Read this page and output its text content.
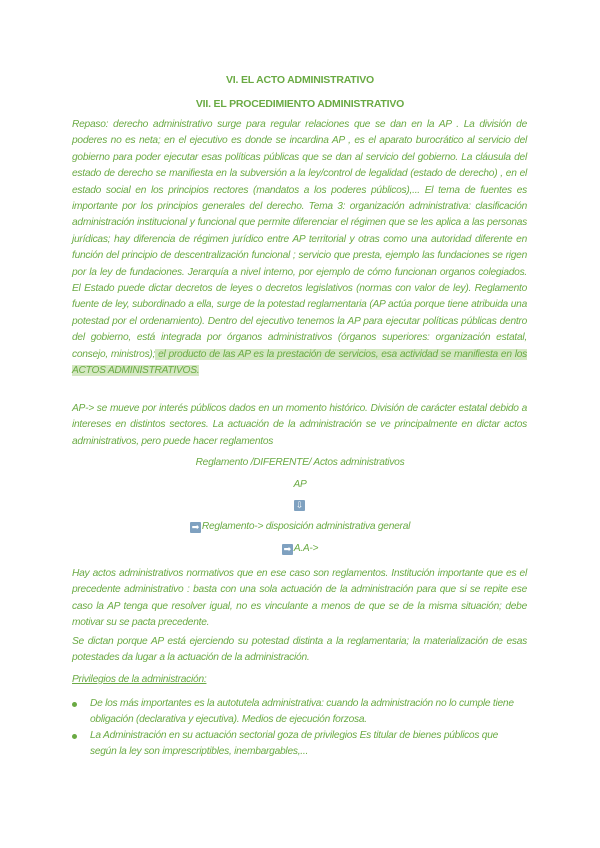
VI. EL ACTO ADMINISTRATIVO
VII. EL PROCEDIMIENTO ADMINISTRATIVO

Repaso: derecho administrativo surge para regular relaciones que se dan en la AP . La división de poderes no es neta; en el ejecutivo es donde se incardina AP , es el aparato burocrático al servicio del gobierno para poder ejecutar esas políticas públicas que se dan al servicio del gobierno. La cláusula del estado de derecho se manifiesta en la subversión a la ley/control de legalidad (estado de derecho) , en el estado social en los principios rectores (mandatos a los poderes públicos),... El tema de fuentes es importante por los principios generales del derecho. Tema 3: organización administrativa: clasificación administración institucional y funcional que permite diferenciar el régimen que se les aplica a las personas jurídicas; hay diferencia de régimen jurídico entre AP territorial y otras como una autoridad diferente en función del principio de descentralización funcional ; servicio que presta, ejemplo las fundaciones se rigen por la ley de fundaciones. Jerarquía a nivel interno, por ejemplo de cómo funcionan organos colegiados. El Estado puede dictar decretos de leyes o decretos legislativos (normas con valor de ley). Reglamento fuente de ley, subordinado a ella, surge de la potestad reglamentaria (AP actúa porque tiene atribuida una potestad por el ordenamiento). Dentro del ejecutivo tenemos la AP para ejecutar políticas públicas dentro del gobierno, está integrada por órganos administrativos (órganos superiores: organización estatal, consejo, ministros); el producto de las AP es la prestación de servicios, esa actividad se manifiesta en los ACTOS ADMINISTRATIVOS.

AP-> se mueve por interés públicos dados en un momento histórico. División de carácter estatal debido a intereses en distintos sectores. La actuación de la administración se ve principalmente en dictar actos administrativos, pero puede hacer reglamentos

Reglamento /DIFERENTE/ Actos administrativos
AP
⇩
➡ Reglamento-> disposición administrativa general
➡ A.A->

Hay actos administrativos normativos que en ese caso son reglamentos. Institución importante que es el precedente administrativo : basta con una sola actuación de la administración para que si se repite ese caso la AP tenga que resolver igual, no es vinculante a menos de que se de la misma situación; debe motivar su se pacta precedente.

Se dictan porque AP está ejerciendo su potestad distinta a la reglamentaria; la materialización de esas potestades da lugar a la actuación de la administración.

Privilegios de la administración:
De los más importantes es la autotutela administrativa: cuando la administración no lo cumple tiene obligación (declarativa y ejecutiva). Medios de ejecución forzosa.
La Administración en su actuación sectorial goza de privilegios Es titular de bienes públicos que según la ley son imprescriptibles, inembargables,...
